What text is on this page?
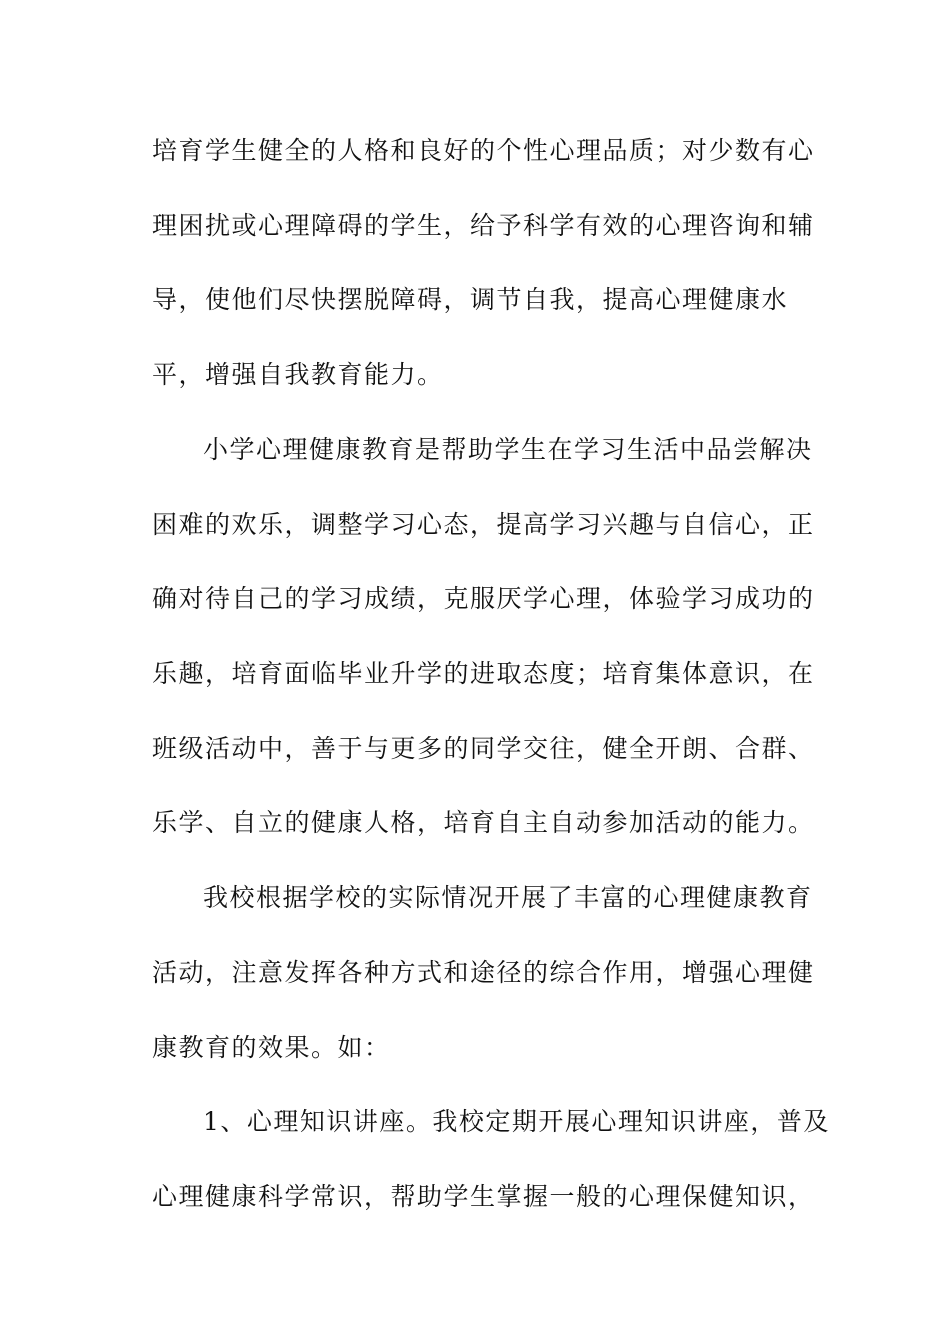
培育学生健全的人格和良好的个性心理品质；对少数有心

理困扰或心理障碍的学生，给予科学有效的心理咨询和辅

导，使他们尽快摆脱障碍，调节自我，提高心理健康水

平，增强自我教育能力。

小学心理健康教育是帮助学生在学习生活中品尝解决

困难的欢乐，调整学习心态，提高学习兴趣与自信心，正

确对待自己的学习成绩，克服厌学心理，体验学习成功的

乐趣，培育面临毕业升学的进取态度；培育集体意识，在

班级活动中，善于与更多的同学交往，健全开朗、合群、

乐学、自立的健康人格，培育自主自动参加活动的能力。

我校根据学校的实际情况开展了丰富的心理健康教育

活动，注意发挥各种方式和途径的综合作用，增强心理健

康教育的效果。如：

1、心理知识讲座。我校定期开展心理知识讲座，普及

心理健康科学常识，帮助学生掌握一般的心理保健知识，
